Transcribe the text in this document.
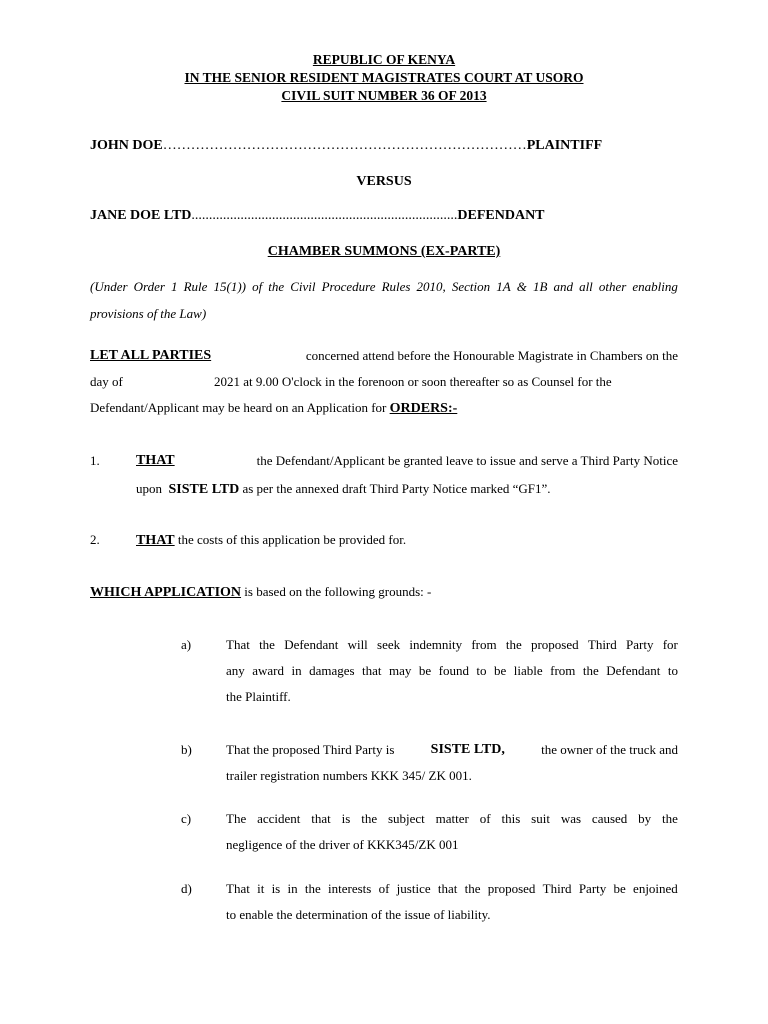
REPUBLIC OF KENYA
IN THE SENIOR RESIDENT MAGISTRATES COURT AT USORO
CIVIL SUIT NUMBER 36 OF 2013
JOHN DOE …………………………………………………………………… PLAINTIFF
VERSUS
JANE DOE LTD ............................................................................ DEFENDANT
CHAMBER SUMMONS (EX-PARTE)
(Under Order 1 Rule 15(1)) of the Civil Procedure Rules 2010, Section 1A & 1B and all other enabling
provisions of the Law)
LET ALL PARTIES	concerned attend before the Honourable Magistrate in Chambers on the
day of	2021 at 9.00 O'clock in the forenoon or soon thereafter so as Counsel for the
Defendant/Applicant may be heard on an Application for ORDERS:-
1.	THAT	the Defendant/Applicant be granted leave to issue and serve a Third Party Notice
upon SISTE LTD as per the annexed draft Third Party Notice marked “GF1”.
2.	THAT the costs of this application be provided for.
WHICH APPLICATION is based on the following grounds: -
a)	That the Defendant will seek indemnity from the proposed Third Party for
any award in damages that may be found to be liable from the Defendant to
the Plaintiff.
b)	That the proposed Third Party is	SISTE LTD,	the owner of the truck and
trailer registration numbers KKK 345/ ZK 001.
c)	The accident that is the subject matter of this suit was caused by the
negligence of the driver of KKK345/ZK 001
d)	That it is in the interests of justice that the proposed Third Party be enjoined
to enable the determination of the issue of liability.
